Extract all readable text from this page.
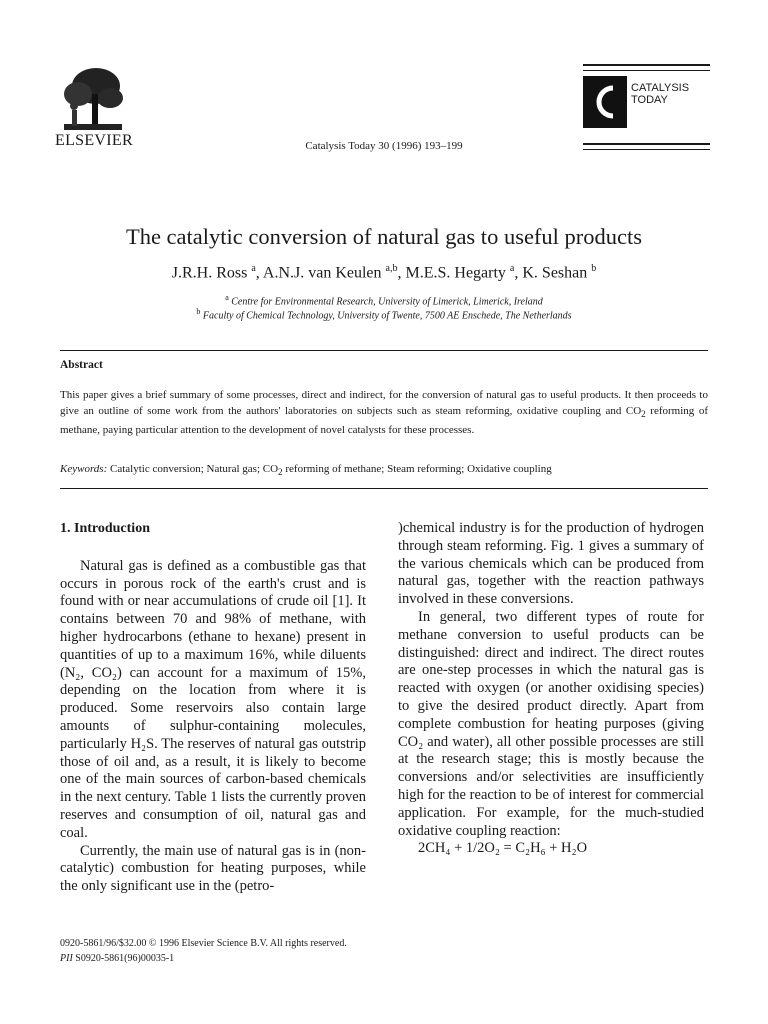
ELSEVIER	Catalysis Today 30 (1996) 193–199
CATALYSIS
TODAY
The catalytic conversion of natural gas to useful products
J.R.H. Ross $^a$, A.N.J. van Keulen $^{a,b}$, M.E.S. Hegarty $^a$, K. Seshan $^b$
$^a$ Centre for Environmental Research, University of Limerick, Limerick, Ireland
$^b$ Faculty of Chemical Technology, University of Twente, 7500 AE Enschede, The Netherlands
Abstract
This paper gives a brief summary of some processes, direct and indirect, for the conversion of natural gas to useful products. It then proceeds to give an outline of some work from the authors' laboratories on subjects such as steam reforming, oxidative coupling and $CO_2$ reforming of methane, paying particular attention to the development of novel catalysts for these processes.
Keywords: Catalytic conversion; Natural gas; $CO_2$ reforming of methane; Steam reforming; Oxidative coupling
1. Introduction

Natural gas is defined as a combustible gas that occurs in porous rock of the earth's crust and is found with or near accumulations of crude oil [1]. It contains between 70 and 98% of methane, with higher hydrocarbons (ethane to hexane) present in quantities of up to a maximum 16%, while diluents (N₂, CO₂) can account for a maximum of 15%, depending on the location from where it is produced. Some reservoirs also contain large amounts of sulphur-containing molecules, particularly H₂S. The reserves of natural gas outstrip those of oil and, as a result, it is likely to become one of the main sources of carbon-based chemicals in the next century. Table 1 lists the currently proven reserves and consumption of oil, natural gas and coal.

Currently, the main use of natural gas is in (non-catalytic) combustion for heating purposes, while the only significant use in the (petro-

)chemical industry is for the production of hydrogen through steam reforming. Fig. 1 gives a summary of the various chemicals which can be produced from natural gas, together with the reaction pathways involved in these conversions.

In general, two different types of route for methane conversion to useful products can be distinguished: direct and indirect. The direct routes are one-step processes in which the natural gas is reacted with oxygen (or another oxidising species) to give the desired product directly. Apart from complete combustion for heating purposes (giving CO₂ and water), all other possible processes are still at the research stage; this is mostly because the conversions and/or selectivities are insufficiently high for the reaction to be of interest for commercial application. For example, for the much-studied oxidative coupling reaction:

2CH₄ + 1/2O₂ = C₂H₆ + H₂O

0920-5861/96/$32.00 © 1996 Elsevier Science B.V. All rights reserved.
PII S0920-5861(96)00035-1
